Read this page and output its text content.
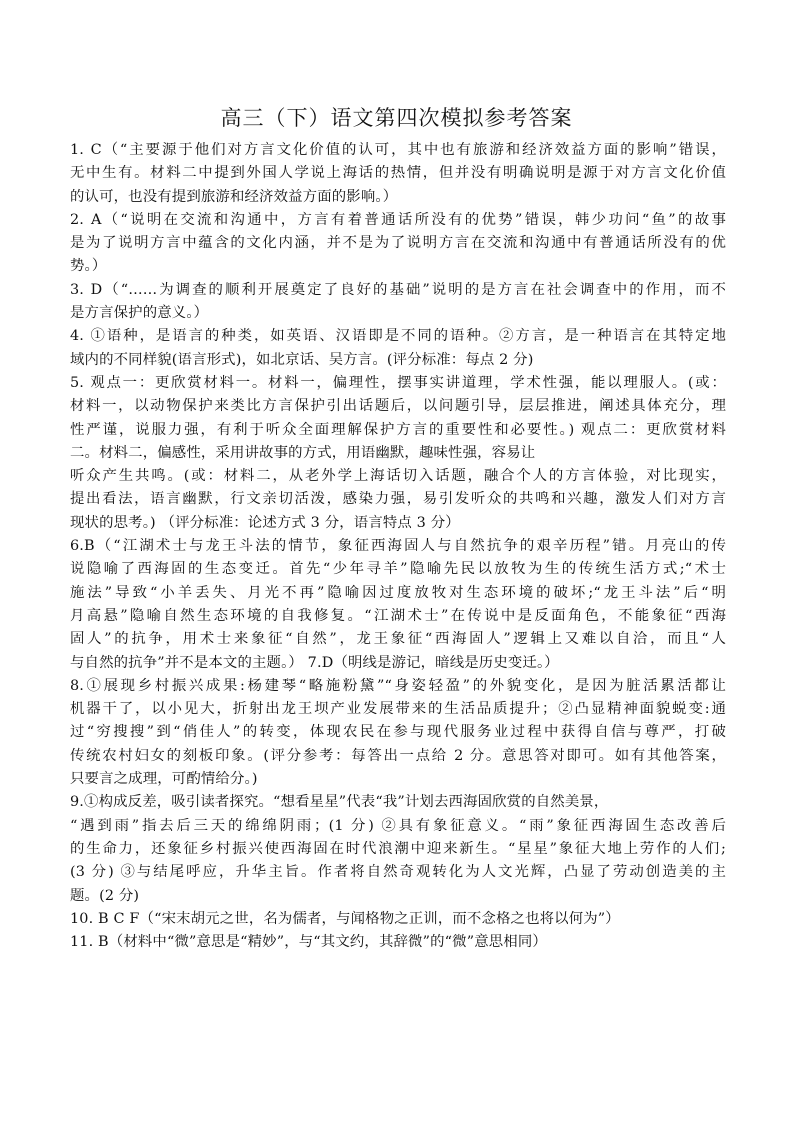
高三（下）语文第四次模拟参考答案
1. C（“主要源于他们对方言文化价值的认可，其中也有旅游和经济效益方面的影响”错误，
无中生有。材料二中提到外国人学说上海话的热情，但并没有明确说明是源于对方言文化价值
的认可，也没有提到旅游和经济效益方面的影响。）
2. A（“说明在交流和沟通中，方言有着普通话所没有的优势”错误，韩少功问“鱼”的故事
是为了说明方言中蕴含的文化内涵，并不是为了说明方言在交流和沟通中有普通话所没有的优
势。）
3. D（“……为调查的顺利开展奠定了良好的基础”说明的是方言在社会调查中的作用，而不
是方言保护的意义。）
4. ①语种，是语言的种类，如英语、汉语即是不同的语种。②方言，是一种语言在其特定地
域内的不同样貌(语言形式)，如北京话、吴方言。(评分标准：每点 2 分)
5. 观点一：更欣赏材料一。材料一，偏理性，摆事实讲道理，学术性强，能以理服人。(或：
材料一，以动物保护来类比方言保护引出话题后，以问题引导，层层推进，阐述具体充分，理
性严谨，说服力强，有利于听众全面理解保护方言的重要性和必要性。) 观点二：更欣赏材料
二。材料二，偏感性，采用讲故事的方式，用语幽默，趣味性强，容易让
听众产生共鸣。(或：材料二，从老外学上海话切入话题，融合个人的方言体验，对比现实，
提出看法，语言幽默，行文亲切活泼，感染力强，易引发听众的共鸣和兴趣，激发人们对方言
现状的思考。) （评分标准：论述方式 3 分，语言特点 3 分）
6.B（“江湖术士与龙王斗法的情节，象征西海固人与自然抗争的艰辛历程”错。月亮山的传
说隐喻了西海固的生态变迁。首先“少年寻羊”隐喻先民以放牧为生的传统生活方式;“术士
施法”导致“小羊丢失、月光不再”隐喻因过度放牧对生态环境的破坏;“龙王斗法”后“明
月高悬”隐喻自然生态环境的自我修复。“江湖术士”在传说中是反面角色，不能象征“西海
固人”的抗争，用术士来象征“自然”，龙王象征“西海固人”逻辑上又难以自洽，而且“人
与自然的抗争”并不是本文的主题。） 7.D（明线是游记，暗线是历史变迁。）
8.①展现乡村振兴成果:杨建琴“略施粉黛”“身姿轻盈”的外貌变化，是因为脏活累活都让
机器干了，以小见大，折射出龙王坝产业发展带来的生活品质提升；②凸显精神面貌蜕变:通
过“穷搜搜”到“俏佳人”的转变，体现农民在参与现代服务业过程中获得自信与尊严，打破
传统农村妇女的刻板印象。(评分参考：每答出一点给 2 分。意思答对即可。如有其他答案，
只要言之成理，可酌情给分。)
9.①构成反差，吸引读者探究。“想看星星”代表“我”计划去西海固欣赏的自然美景，
“遇到雨”指去后三天的绵绵阴雨；(1 分) ②具有象征意义。“雨”象征西海固生态改善后
的生命力，还象征乡村振兴使西海固在时代浪潮中迎来新生。“星星”象征大地上劳作的人们;
(3 分) ③与结尾呼应，升华主旨。作者将自然奇观转化为人文光辉，凸显了劳动创造美的主
题。(2 分)
10. B C F（“宋末胡元之世，名为儒者，与闻格物之正训，而不念格之也将以何为”）
11. B（材料中“微”意思是“精妙”，与“其文约，其辞微”的“微”意思相同）
